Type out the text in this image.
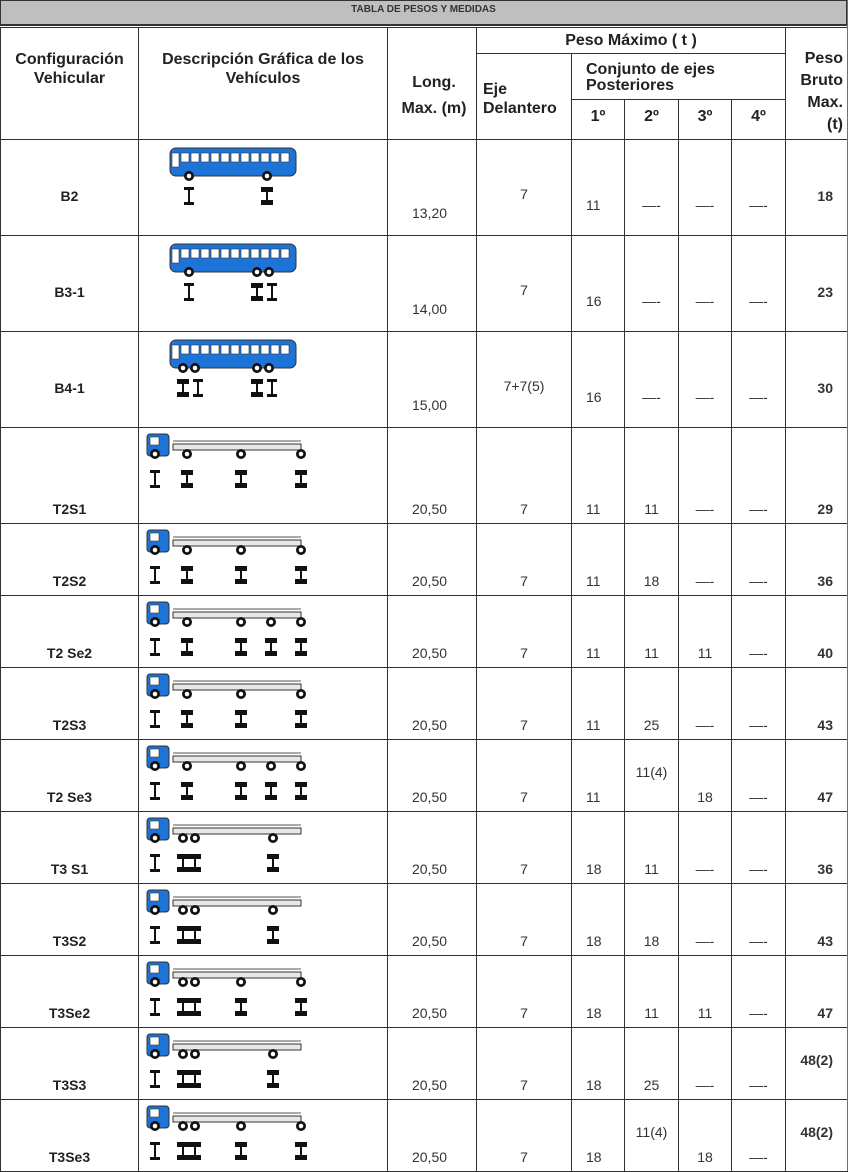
TABLA DE PESOS Y MEDIDAS
Configuración Vehicular	Descripción Gráfica de los Vehículos	Long. Max. (m)	Peso Máximo ( t )					Peso Bruto Max. (t)

			Eje Delantero	Conjunto de ejes Posteriores				

				1º	2º	3º	4º	

B2		13,20	7	11	—-	—-	—-	18

B3-1		14,00	7	16	—-	—-	—-	23

B4-1		15,00	7+7(5)	16	—-	—-	—-	30

T2S1		20,50	7	11	11	—-	—-	29

T2S2		20,50	7	11	18	—-	—-	36

T2 Se2		20,50	7	11	11	11	—-	40

T2S3		20,50	7	11	25	—-	—-	43

T2 Se3		20,50	7	11	11(4)	18	—-	47

T3 S1		20,50	7	18	11	—-	—-	36

T3S2		20,50	7	18	18	—-	—-	43

T3Se2		20,50	7	18	11	11	—-	47

T3S3		20,50	7	18	25	—-	—-	48(2)

T3Se3		20,50	7	18	11(4)	18	—-	48(2)
